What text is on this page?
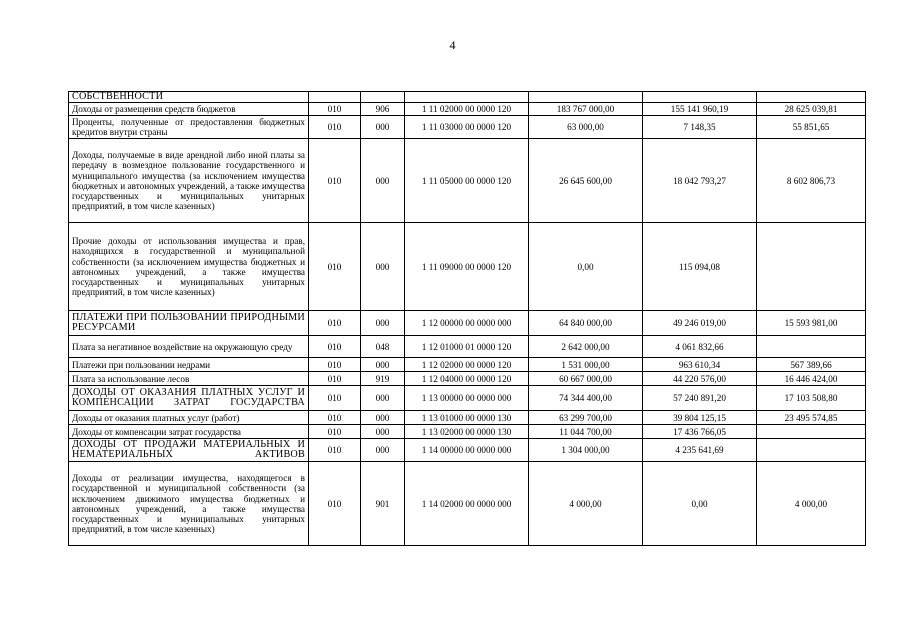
4
СОБСТВЕННОСТИ						
Доходы от размещения средств бюджетов	010	906	1 11 02000 00 0000 120	183 767 000,00	155 141 960,19	28 625 039,81
Проценты, полученные от предоставления бюджетных кредитов внутри страны	010	000	1 11 03000 00 0000 120	63 000,00	7 148,35	55 851,65
Доходы, получаемые в виде арендной либо иной платы за передачу в возмездное пользование государственного и муниципального имущества (за исключением имущества бюджетных и автономных учреждений, а также имущества государственных и муниципальных унитарных предприятий, в том числе казенных)	010	000	1 11 05000 00 0000 120	26 645 600,00	18 042 793,27	8 602 806,73
Прочие доходы от использования имущества и прав, находящихся в государственной и муниципальной собственности (за исключением имущества бюджетных и автономных учреждений, а также имущества государственных и муниципальных унитарных предприятий, в том числе казенных)	010	000	1 11 09000 00 0000 120	0,00	115 094,08	
ПЛАТЕЖИ ПРИ ПОЛЬЗОВАНИИ ПРИРОДНЫМИ РЕСУРСАМИ	010	000	1 12 00000 00 0000 000	64 840 000,00	49 246 019,00	15 593 981,00
Плата за негативное воздействие на окружающую среду	010	048	1 12 01000 01 0000 120	2 642 000,00	4 061 832,66	
Платежи при пользовании недрами	010	000	1 12 02000 00 0000 120	1 531 000,00	963 610,34	567 389,66
Плата за использование лесов	010	919	1 12 04000 00 0000 120	60 667 000,00	44 220 576,00	16 446 424,00
ДОХОДЫ ОТ ОКАЗАНИЯ ПЛАТНЫХ УСЛУГ И КОМПЕНСАЦИИ ЗАТРАТ ГОСУДАРСТВА	010	000	1 13 00000 00 0000 000	74 344 400,00	57 240 891,20	17 103 508,80
Доходы от оказания платных услуг (работ)	010	000	1 13 01000 00 0000 130	63 299 700,00	39 804 125,15	23 495 574,85
Доходы от компенсации затрат государства	010	000	1 13 02000 00 0000 130	11 044 700,00	17 436 766,05	
ДОХОДЫ ОТ ПРОДАЖИ МАТЕРИАЛЬНЫХ И НЕМАТЕРИАЛЬНЫХ АКТИВОВ	010	000	1 14 00000 00 0000 000	1 304 000,00	4 235 641,69	
Доходы от реализации имущества, находящегося в государственной и муниципальной собственности (за исключением движимого имущества бюджетных и автономных учреждений, а также имущества государственных и муниципальных унитарных предприятий, в том числе казенных)	010	901	1 14 02000 00 0000 000	4 000,00	0,00	4 000,00
